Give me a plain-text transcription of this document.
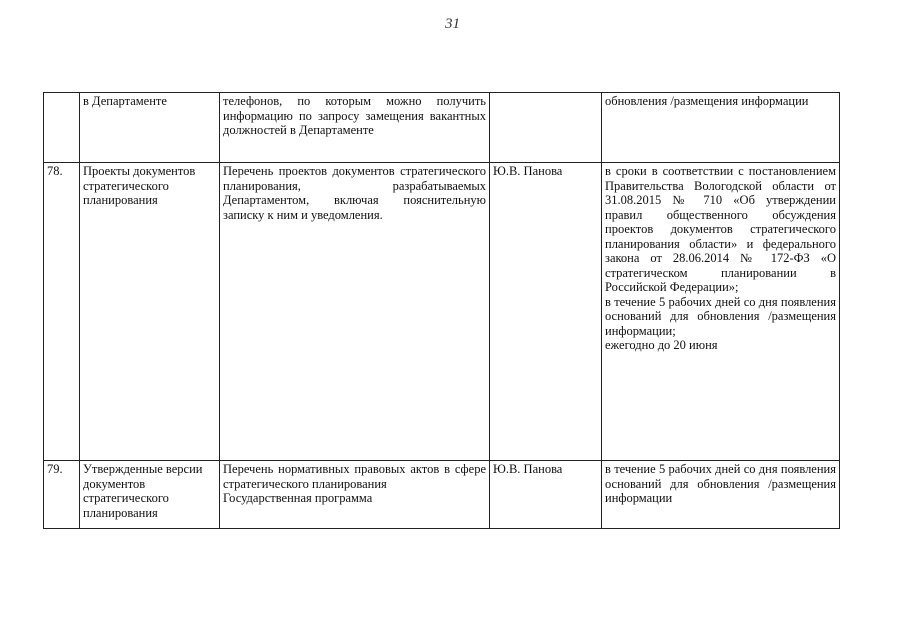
31
	в Департаменте	телефонов, по которым можно получить информацию по запросу замещения вакантных должностей в Департаменте		обновления /размещения информации

78.	Проекты документов стратегического планирования	Перечень проектов документов стратегического планирования, разрабатываемых Департаментом, включая пояснительную записку к ним и уведомления.	Ю.В. Панова	в сроки в соответствии с постановлением Правительства Вологодской области от 31.08.2015 № 710 «Об утверждении правил общественного обсуждения проектов документов стратегического планирования области» и федерального закона от 28.06.2014 № 172-ФЗ «О стратегическом планировании в Российской Федерации»;
в течение 5 рабочих дней со дня появления оснований для обновления /размещения информации;
ежегодно до 20 июня

79.	Утвержденные версии документов стратегического планирования	Перечень нормативных правовых актов в сфере стратегического планирования
Государственная программа	Ю.В. Панова	в течение 5 рабочих дней со дня появления оснований для обновления /размещения информации
